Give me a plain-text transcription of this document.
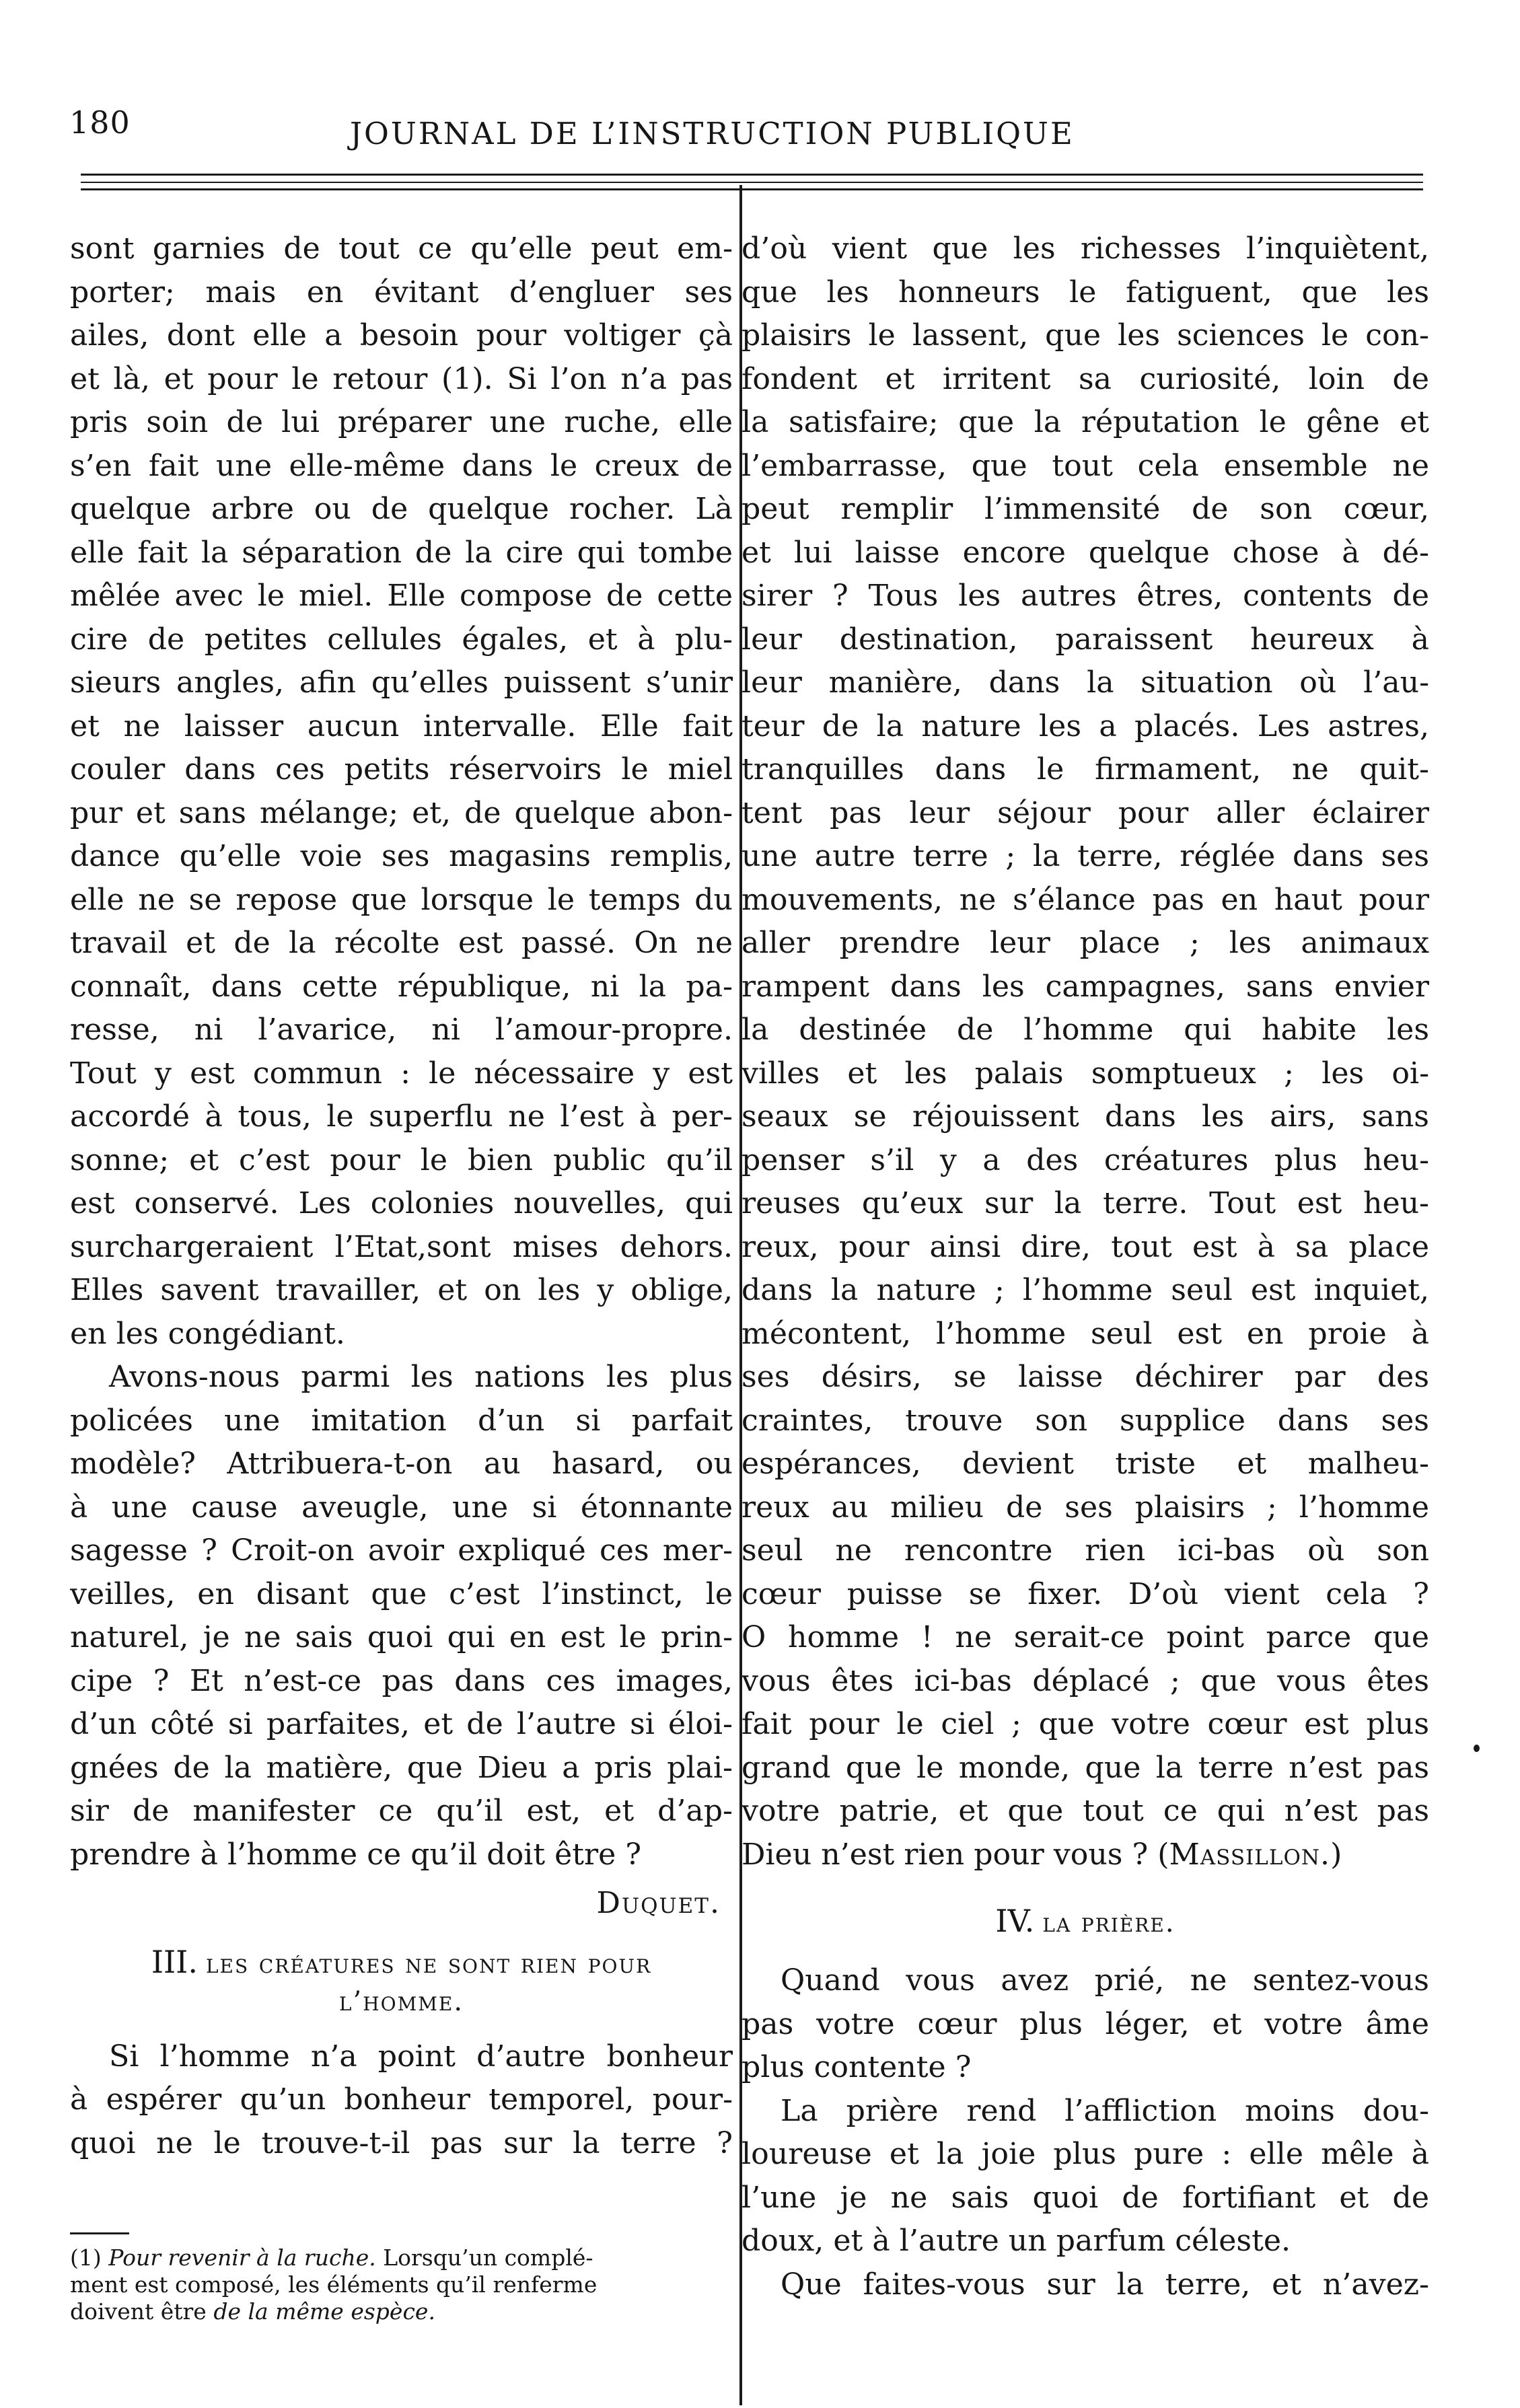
180	JOURNAL DE L’INSTRUCTION PUBLIQUE
sont garnies de tout ce qu’elle peut em-
porter; mais en évitant d’engluer ses
ailes, dont elle a besoin pour voltiger çà
et là, et pour le retour (1). Si l’on n’a pas
pris soin de lui préparer une ruche, elle
s’en fait une elle-même dans le creux de
quelque arbre ou de quelque rocher. Là
elle fait la séparation de la cire qui tombe
mêlée avec le miel. Elle compose de cette
cire de petites cellules égales, et à plu-
sieurs angles, afin qu’elles puissent s’unir
et ne laisser aucun intervalle. Elle fait
couler dans ces petits réservoirs le miel
pur et sans mélange; et, de quelque abon-
dance qu’elle voie ses magasins remplis,
elle ne se repose que lorsque le temps du
travail et de la récolte est passé. On ne
connaît, dans cette république, ni la pa-
resse, ni l’avarice, ni l’amour-propre.
Tout y est commun : le nécessaire y est
accordé à tous, le superflu ne l’est à per-
sonne; et c’est pour le bien public qu’il
est conservé. Les colonies nouvelles, qui
surchargeraient l’Etat,sont mises dehors.
Elles savent travailler, et on les y oblige,
en les congédiant.
Avons-nous parmi les nations les plus
policées une imitation d’un si parfait
modèle? Attribuera-t-on au hasard, ou
à une cause aveugle, une si étonnante
sagesse ? Croit-on avoir expliqué ces mer-
veilles, en disant que c’est l’instinct, le
naturel, je ne sais quoi qui en est le prin-
cipe ? Et n’est-ce pas dans ces images,
d’un côté si parfaites, et de l’autre si éloi-
gnées de la matière, que Dieu a pris plai-
sir de manifester ce qu’il est, et d’ap-
prendre à l’homme ce qu’il doit être ?
Duquet.
III. les créatures ne sont rien pour
l’homme.
Si l’homme n’a point d’autre bonheur
à espérer qu’un bonheur temporel, pour-
quoi ne le trouve-t-il pas sur la terre ?
(1) Pour revenir à la ruche. Lorsqu’un complé-
ment est composé, les éléments qu’il renferme
doivent être de la même espèce.
d’où vient que les richesses l’inquiètent,
que les honneurs le fatiguent, que les
plaisirs le lassent, que les sciences le con-
fondent et irritent sa curiosité, loin de
la satisfaire; que la réputation le gêne et
l’embarrasse, que tout cela ensemble ne
peut remplir l’immensité de son cœur,
et lui laisse encore quelque chose à dé-
sirer ? Tous les autres êtres, contents de
leur destination, paraissent heureux à
leur manière, dans la situation où l’au-
teur de la nature les a placés. Les astres,
tranquilles dans le firmament, ne quit-
tent pas leur séjour pour aller éclairer
une autre terre ; la terre, réglée dans ses
mouvements, ne s’élance pas en haut pour
aller prendre leur place ; les animaux
rampent dans les campagnes, sans envier
la destinée de l’homme qui habite les
villes et les palais somptueux ; les oi-
seaux se réjouissent dans les airs, sans
penser s’il y a des créatures plus heu-
reuses qu’eux sur la terre. Tout est heu-
reux, pour ainsi dire, tout est à sa place
dans la nature ; l’homme seul est inquiet,
mécontent, l’homme seul est en proie à
ses désirs, se laisse déchirer par des
craintes, trouve son supplice dans ses
espérances, devient triste et malheu-
reux au milieu de ses plaisirs ; l’homme
seul ne rencontre rien ici-bas où son
cœur puisse se fixer. D’où vient cela ?
O homme ! ne serait-ce point parce que
vous êtes ici-bas déplacé ; que vous êtes
fait pour le ciel ; que votre cœur est plus
grand que le monde, que la terre n’est pas
votre patrie, et que tout ce qui n’est pas
Dieu n’est rien pour vous ? (Massillon.)
IV. la prière.
Quand vous avez prié, ne sentez-vous
pas votre cœur plus léger, et votre âme
plus contente ?
La prière rend l’affliction moins dou-
loureuse et la joie plus pure : elle mêle à
l’une je ne sais quoi de fortifiant et de
doux, et à l’autre un parfum céleste.
Que faites-vous sur la terre, et n’avez-
